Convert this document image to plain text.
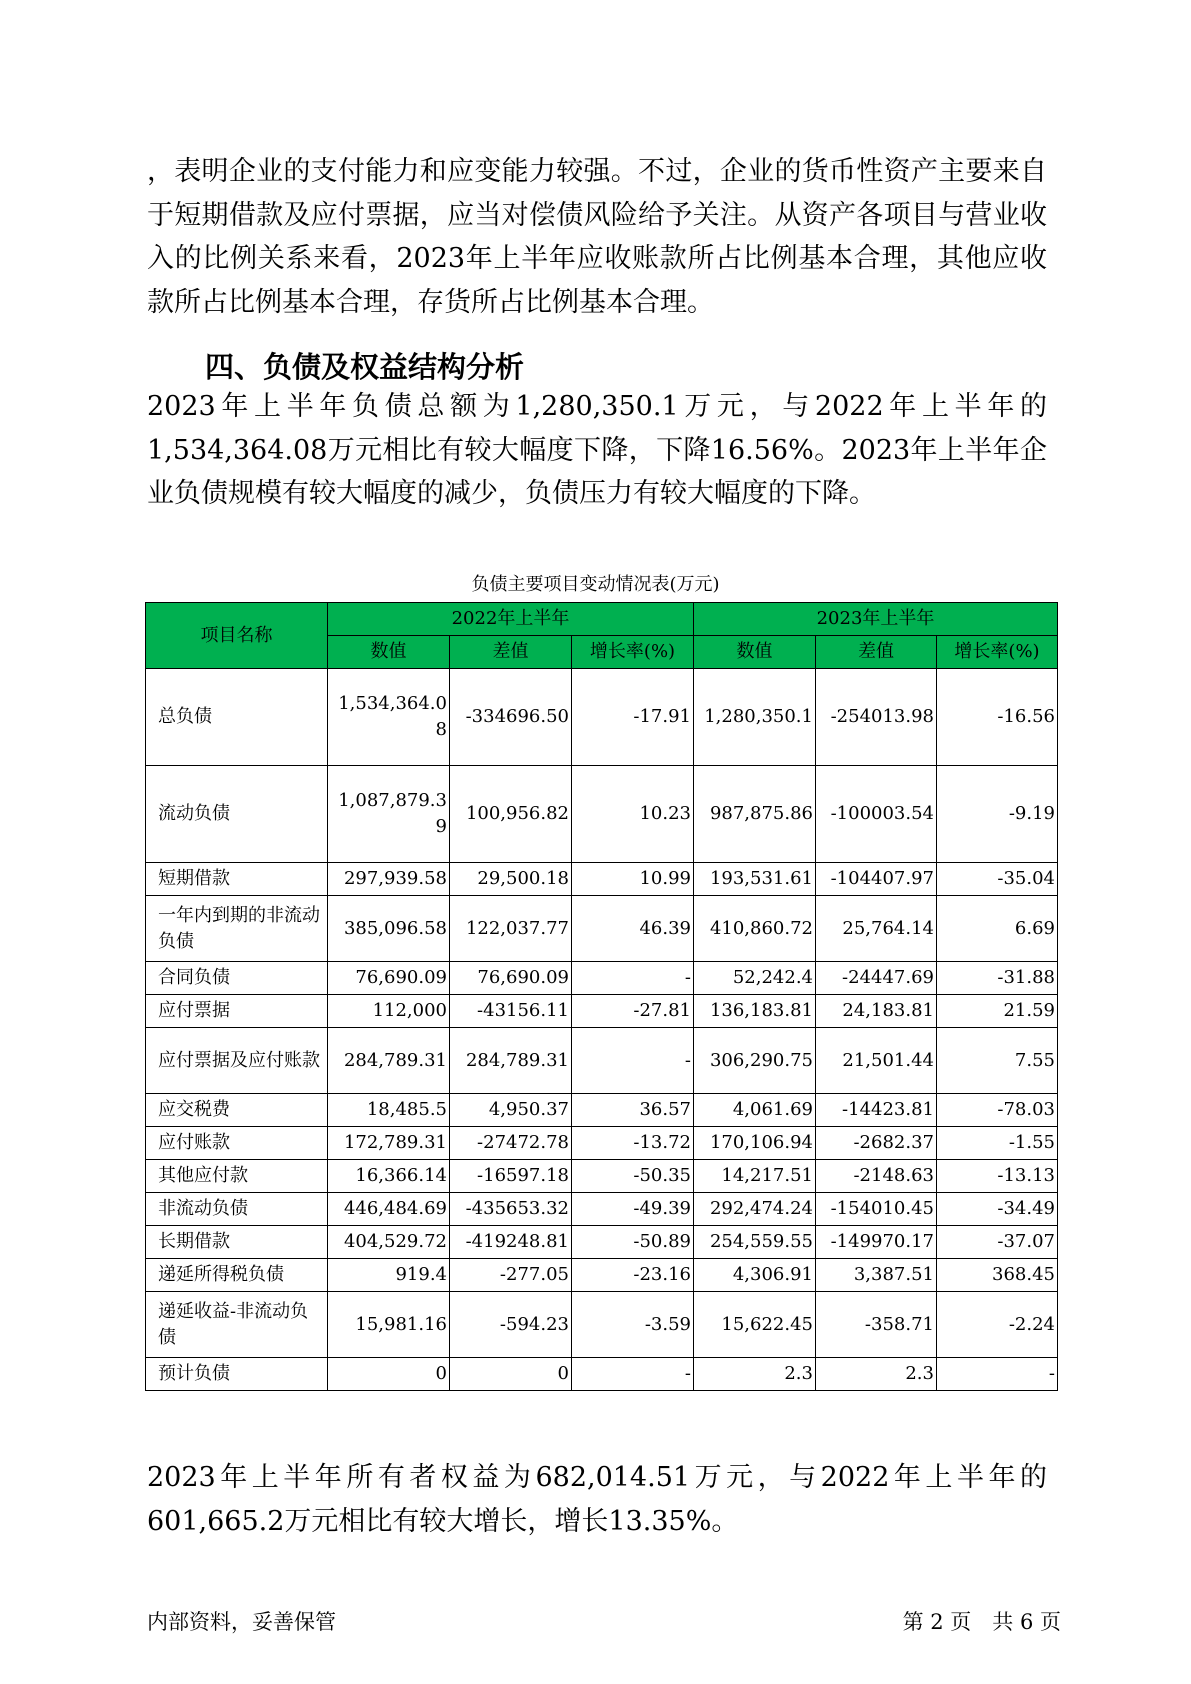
，表明企业的支付能力和应变能力较强。不过，企业的货币性资产主要来自于短期借款及应付票据，应当对偿债风险给予关注。从资产各项目与营业收入的比例关系来看，2023年上半年应收账款所占比例基本合理，其他应收款所占比例基本合理，存货所占比例基本合理。

四、负债及权益结构分析

2023年上半年负债总额为1,280,350.1万元，与2022年上半年的1,534,364.08万元相比有较大幅度下降，下降16.56%。2023年上半年企业负债规模有较大幅度的减少，负债压力有较大幅度的下降。

负债主要项目变动情况表(万元)

项目名称	2022年上半年			2023年上半年		
	数值	差值	增长率(%)	数值	差值	增长率(%)
总负债	1,534,364.08	-334696.50	-17.91	1,280,350.1	-254013.98	-16.56
流动负债	1,087,879.39	100,956.82	10.23	987,875.86	-100003.54	-9.19
短期借款	297,939.58	29,500.18	10.99	193,531.61	-104407.97	-35.04
一年内到期的非流动负债	385,096.58	122,037.77	46.39	410,860.72	25,764.14	6.69
合同负债	76,690.09	76,690.09	-	52,242.4	-24447.69	-31.88
应付票据	112,000	-43156.11	-27.81	136,183.81	24,183.81	21.59
应付票据及应付账款	284,789.31	284,789.31	-	306,290.75	21,501.44	7.55
应交税费	18,485.5	4,950.37	36.57	4,061.69	-14423.81	-78.03
应付账款	172,789.31	-27472.78	-13.72	170,106.94	-2682.37	-1.55
其他应付款	16,366.14	-16597.18	-50.35	14,217.51	-2148.63	-13.13
非流动负债	446,484.69	-435653.32	-49.39	292,474.24	-154010.45	-34.49
长期借款	404,529.72	-419248.81	-50.89	254,559.55	-149970.17	-37.07
递延所得税负债	919.4	-277.05	-23.16	4,306.91	3,387.51	368.45
递延收益-非流动负债	15,981.16	-594.23	-3.59	15,622.45	-358.71	-2.24
预计负债	0	0	-	2.3	2.3	-

2023年上半年所有者权益为682,014.51万元，与2022年上半年的601,665.2万元相比有较大增长，增长13.35%。

内部资料，妥善保管	第 2 页　共 6 页
